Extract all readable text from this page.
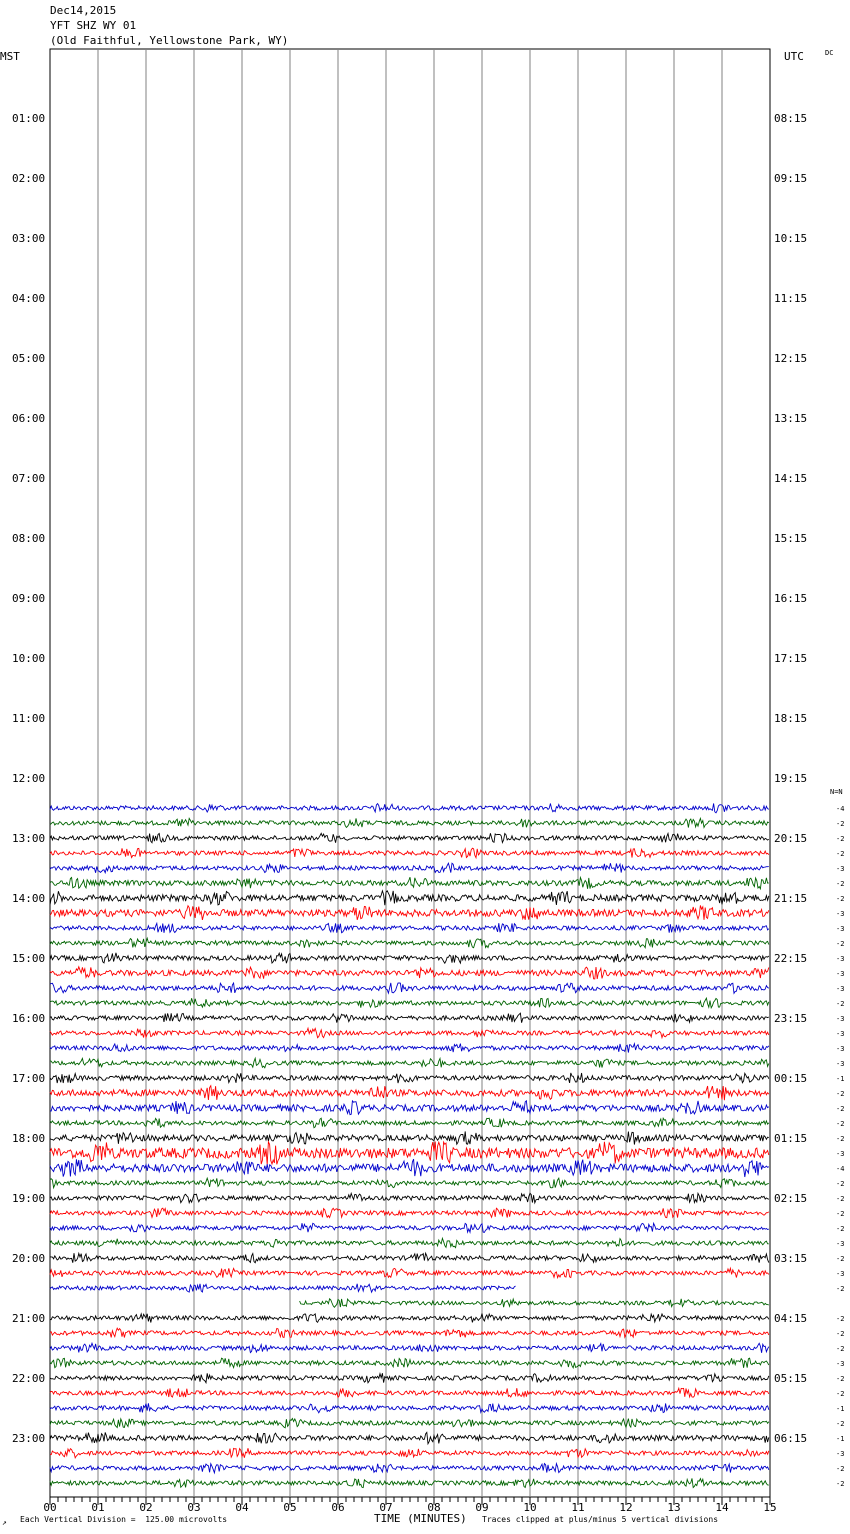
01:00
02:00
03:00
04:00
05:00
06:00
07:00
08:00
09:00
10:00
11:00
12:00
13:00
14:00
15:00
16:00
17:00
18:00
19:00
20:00
21:00
22:00
23:00
08:15
09:15
10:15
11:15
12:15
13:15
14:15
15:15
16:15
17:15
18:15
19:15
20:15
21:15
22:15
23:15
00:15
01:15
02:15
03:15
04:15
05:15
06:15
00	01	02	03	04	05	06	07	08	09	10	11	12	13	14	15
-4
-2
-2
-2
-3
-2
-2
-3
-3
-2
-3
-3
-3
-2
-3
-3
-3
-3
-1
-2
-2
-2
-2
-3
-4
-2
-2
-2
-2
-3
-2
-3
-2
-2
-2
-2
-3
-2
-2
-1
-2
-1
-3
-2
-2
Dec14,2015
YFT SHZ WY 01
(Old Faithful, Yellowstone Park, WY)
MST	UTC	DC
N=N
↗ Each Vertical Division =  125.00 microvolts	TIME (MINUTES) Traces clipped at plus/minus 5 vertical divisions
